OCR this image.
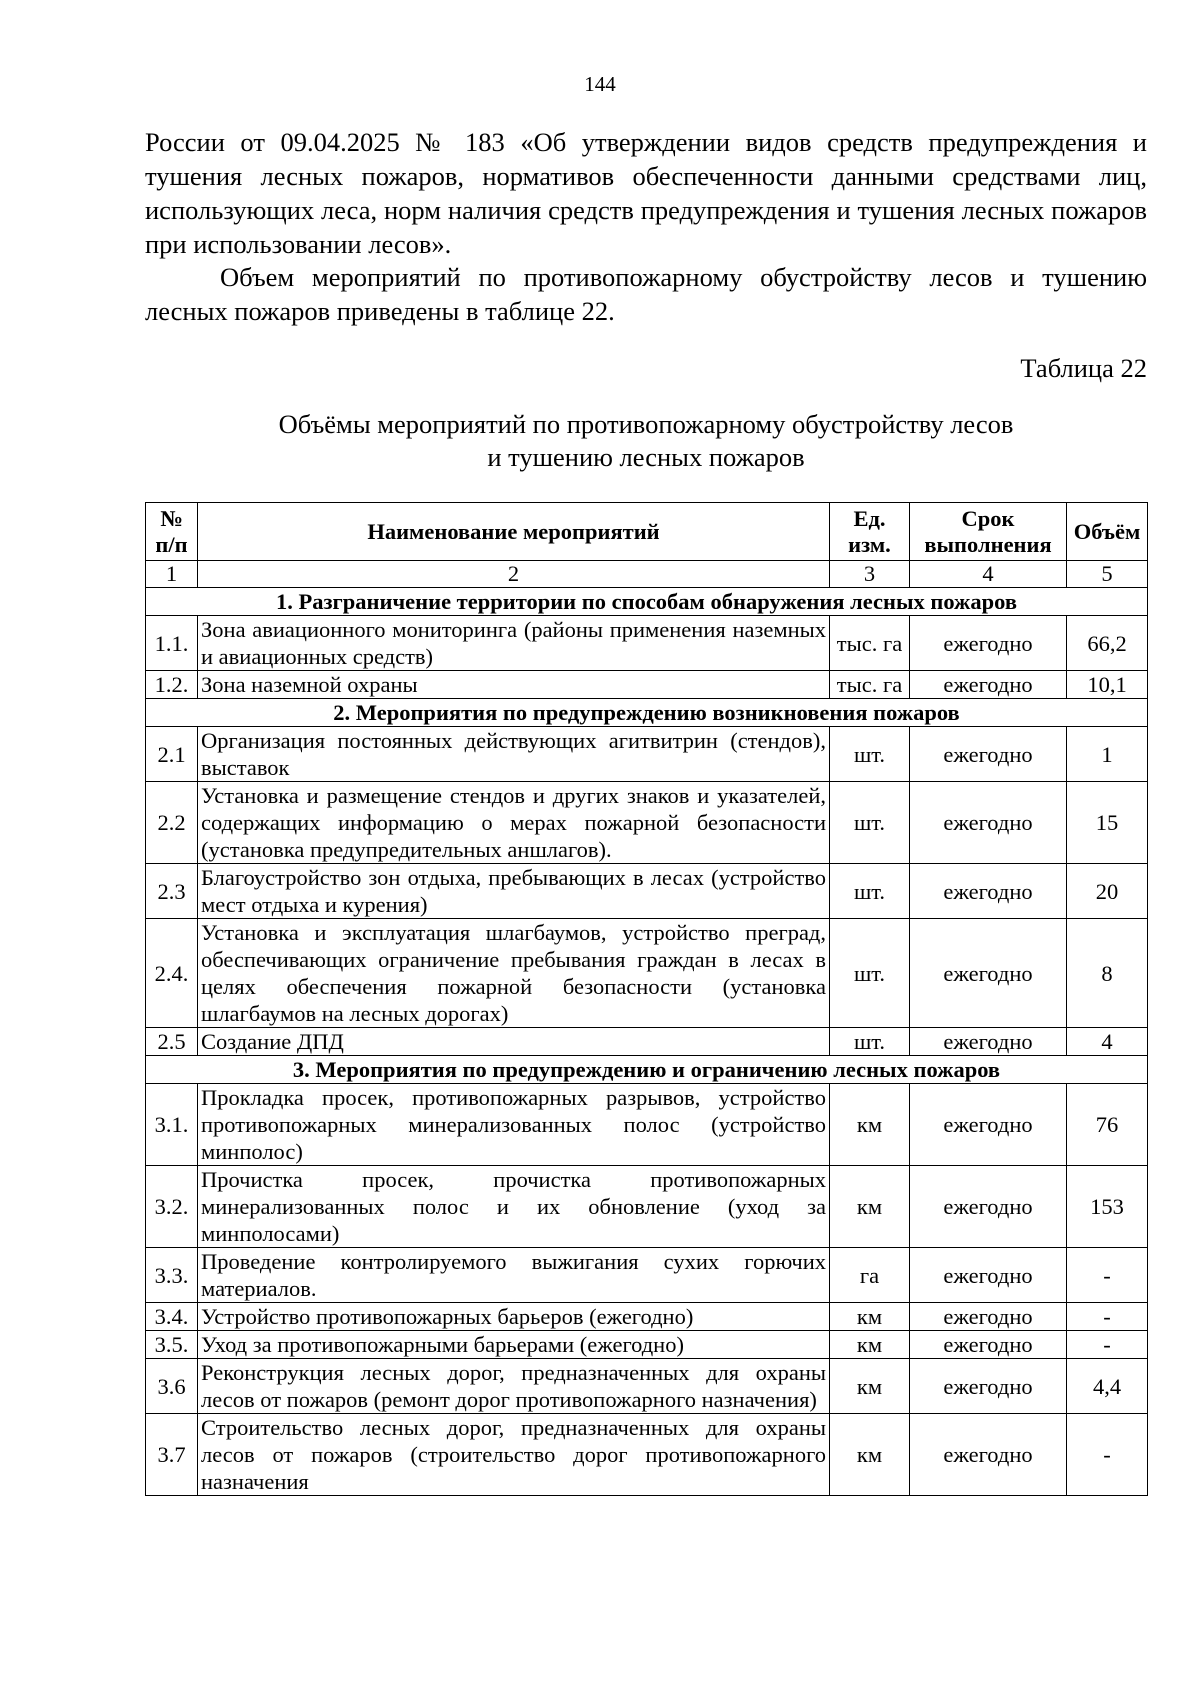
144
России от 09.04.2025 № 183 «Об утверждении видов средств предупреждения и тушения лесных пожаров, нормативов обеспеченности данными средствами лиц, использующих леса, норм наличия средств предупреждения и тушения лесных пожаров при использовании лесов».
Объем мероприятий по противопожарному обустройству лесов и тушению лесных пожаров приведены в таблице 22.
Таблица 22
Объёмы мероприятий по противопожарному обустройству лесов
и тушению лесных пожаров
№ п/п	Наименование мероприятий	Ед. изм.	Срок выполнения	Объём
1	2	3	4	5
1. Разграничение территории по способам обнаружения лесных пожаров				
1.1.	Зона авиационного мониторинга (районы применения наземных и авиационных средств)	тыс. га	ежегодно	66,2
1.2.	Зона наземной охраны	тыс. га	ежегодно	10,1
2. Мероприятия по предупреждению возникновения пожаров				
2.1	Организация постоянных действующих агитвитрин (стендов), выставок	шт.	ежегодно	1
2.2	Установка и размещение стендов и других знаков и указателей, содержащих информацию о мерах пожарной безопасности (установка предупредительных аншлагов).	шт.	ежегодно	15
2.3	Благоустройство зон отдыха, пребывающих в лесах (устройство мест отдыха и курения)	шт.	ежегодно	20
2.4.	Установка и эксплуатация шлагбаумов, устройство преград, обеспечивающих ограничение пребывания граждан в лесах в целях обеспечения пожарной безопасности (установка шлагбаумов на лесных дорогах)	шт.	ежегодно	8
2.5	Создание ДПД	шт.	ежегодно	4
3. Мероприятия по предупреждению и ограничению лесных пожаров				
3.1.	Прокладка просек, противопожарных разрывов, устройство противопожарных минерализованных полос (устройство минполос)	км	ежегодно	76
3.2.	Прочистка просек, прочистка противопожарных минерализованных полос и их обновление (уход за минполосами)	км	ежегодно	153
3.3.	Проведение контролируемого выжигания сухих горючих материалов.	га	ежегодно	-
3.4.	Устройство противопожарных барьеров (ежегодно)	км	ежегодно	-
3.5.	Уход за противопожарными барьерами (ежегодно)	км	ежегодно	-
3.6	Реконструкция лесных дорог, предназначенных для охраны лесов от пожаров (ремонт дорог противопожарного назначения)	км	ежегодно	4,4
3.7	Строительство лесных дорог, предназначенных для охраны лесов от пожаров (строительство дорог противопожарного назначения	км	ежегодно	-
